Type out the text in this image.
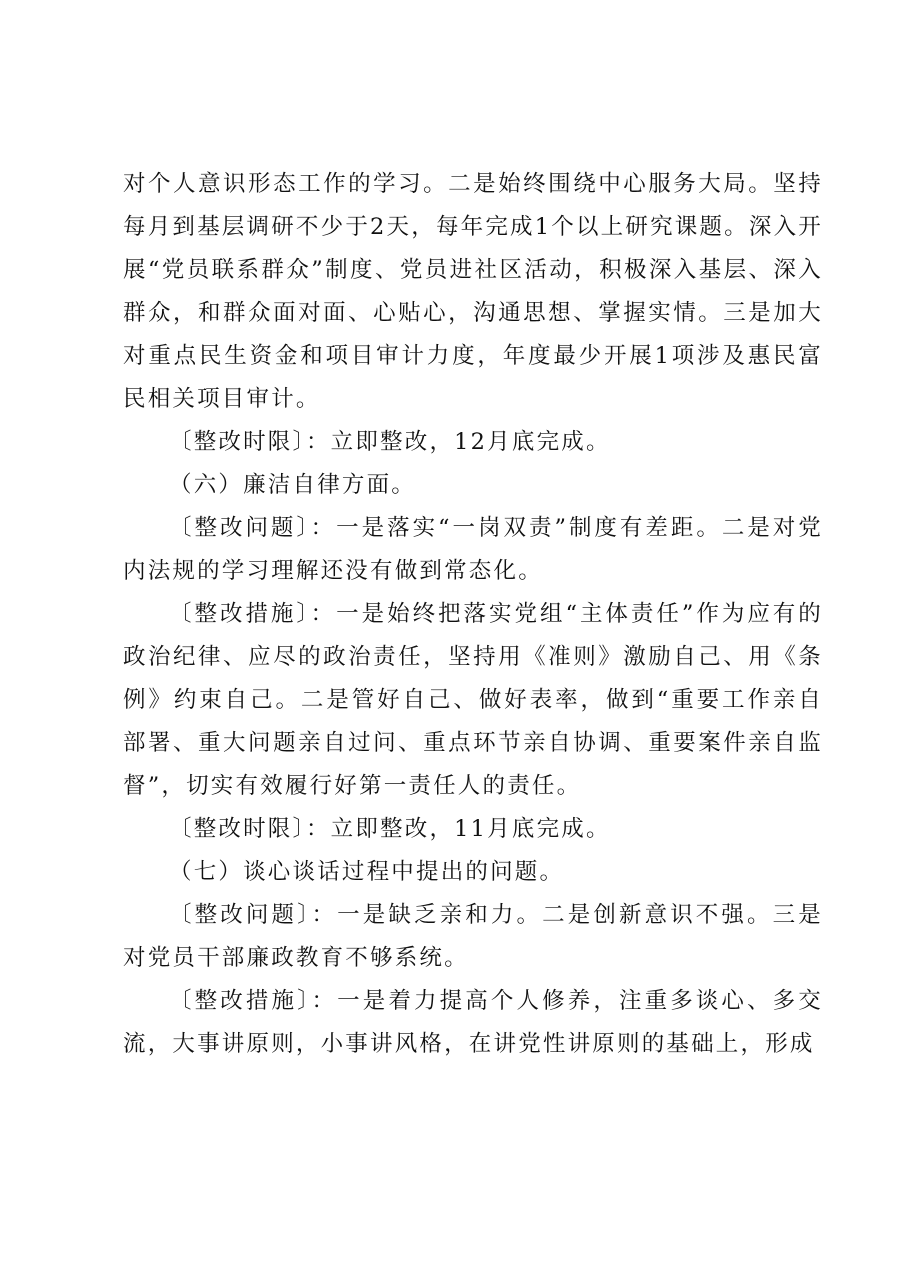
对个人意识形态工作的学习。二是始终围绕中心服务大局。坚持每月到基层调研不少于2天，每年完成1个以上研究课题。深入开展“党员联系群众”制度、党员进社区活动，积极深入基层、深入群众，和群众面对面、心贴心，沟通思想、掌握实情。三是加大对重点民生资金和项目审计力度，年度最少开展1项涉及惠民富民相关项目审计。

〔整改时限〕：立即整改，12月底完成。

（六）廉洁自律方面。

〔整改问题〕：一是落实“一岗双责”制度有差距。二是对党内法规的学习理解还没有做到常态化。

〔整改措施〕：一是始终把落实党组“主体责任”作为应有的政治纪律、应尽的政治责任，坚持用《准则》激励自己、用《条例》约束自己。二是管好自己、做好表率，做到“重要工作亲自部署、重大问题亲自过问、重点环节亲自协调、重要案件亲自监督”，切实有效履行好第一责任人的责任。

〔整改时限〕：立即整改，11月底完成。

（七）谈心谈话过程中提出的问题。

〔整改问题〕：一是缺乏亲和力。二是创新意识不强。三是对党员干部廉政教育不够系统。

〔整改措施〕：一是着力提高个人修养，注重多谈心、多交流，大事讲原则，小事讲风格，在讲党性讲原则的基础上，形成
